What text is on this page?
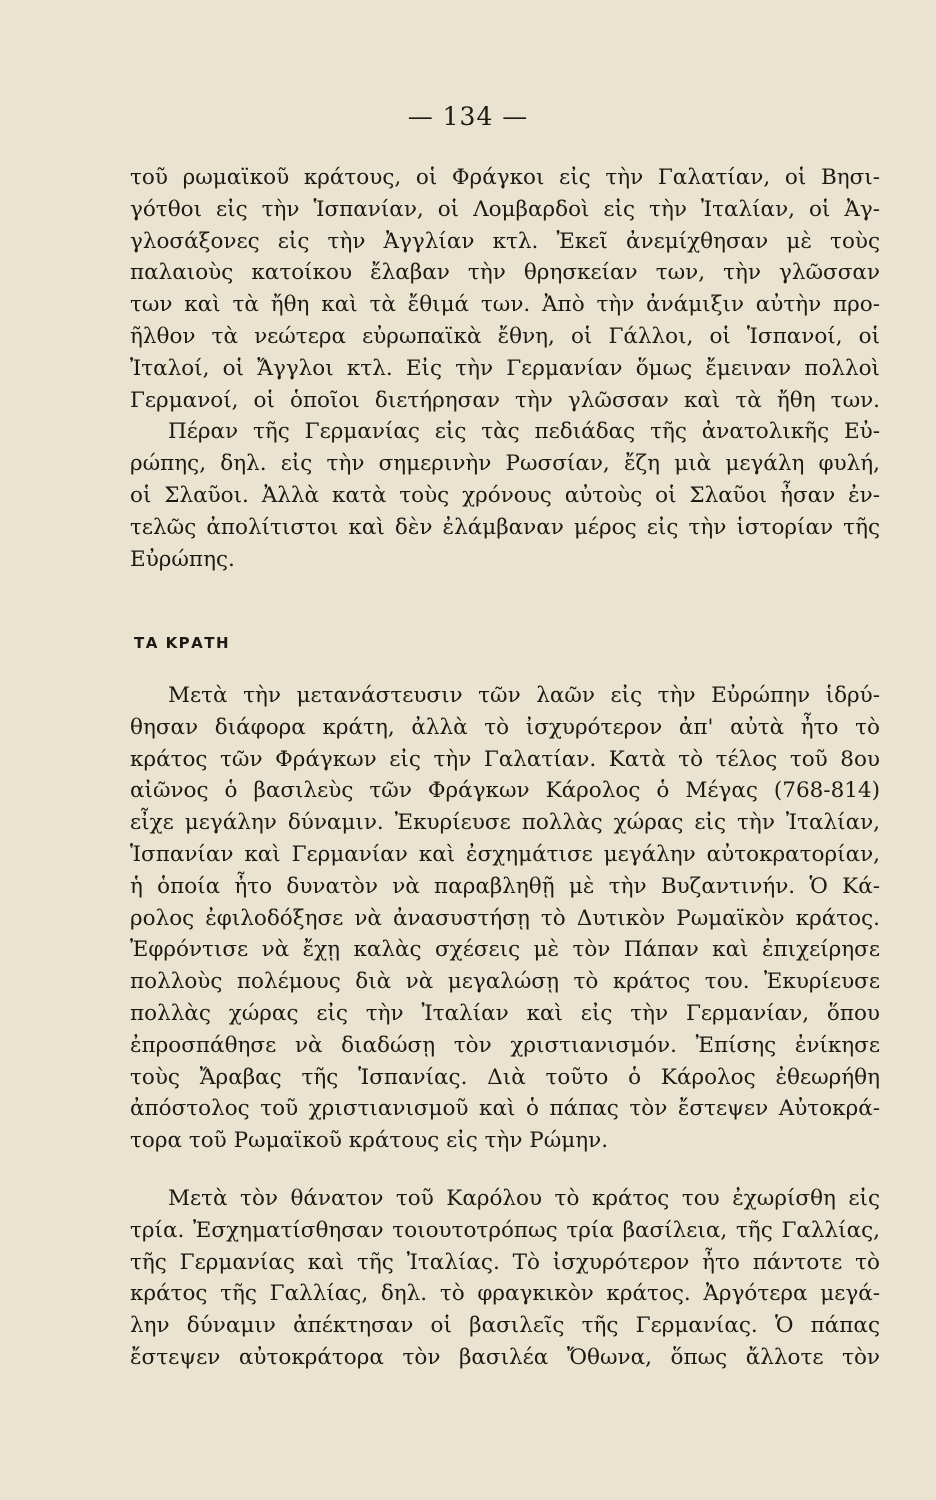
— 134 —

τοῦ ρωμαϊκοῦ κράτους, οἱ Φράγκοι εἰς τὴν Γαλατίαν, οἱ Βησι-
γότθοι εἰς τὴν Ἱσπανίαν, οἱ Λομβαρδοὶ εἰς τὴν Ἰταλίαν, οἱ Ἀγ-
γλοσάξονες εἰς τὴν Ἀγγλίαν κτλ. Ἐκεῖ ἀνεμίχθησαν μὲ τοὺς
παλαιοὺς κατοίκου ἔλαβαν τὴν θρησκείαν των, τὴν γλῶσσαν
των καὶ τὰ ἤθη καὶ τὰ ἔθιμά των. Ἀπὸ τὴν ἀνάμιξιν αὐτὴν προ-
ῆλθον τὰ νεώτερα εὐρωπαϊκὰ ἔθνη, οἱ Γάλλοι, οἱ Ἱσπανοί, οἱ
Ἰταλοί, οἱ Ἄγγλοι κτλ. Εἰς τὴν Γερμανίαν ὅμως ἔμειναν πολλοὶ
Γερμανοί, οἱ ὁποῖοι διετήρησαν τὴν γλῶσσαν καὶ τὰ ἤθη των.
Πέραν τῆς Γερμανίας εἰς τὰς πεδιάδας τῆς ἀνατολικῆς Εὐ-
ρώπης, δηλ. εἰς τὴν σημερινὴν Ρωσσίαν, ἔζη μιὰ μεγάλη φυλή,
οἱ Σλαῦοι. Ἀλλὰ κατὰ τοὺς χρόνους αὐτοὺς οἱ Σλαῦοι ἦσαν ἐν-
τελῶς ἀπολίτιστοι καὶ δὲν ἐλάμβαναν μέρος εἰς τὴν ἱστορίαν τῆς
Εὐρώπης.

ΤΑ ΚΡΑΤΗ

Μετὰ τὴν μετανάστευσιν τῶν λαῶν εἰς τὴν Εὐρώπην ἱδρύ-
θησαν διάφορα κράτη, ἀλλὰ τὸ ἰσχυρότερον ἀπ' αὐτὰ ἦτο τὸ
κράτος τῶν Φράγκων εἰς τὴν Γαλατίαν. Κατὰ τὸ τέλος τοῦ 8ου
αἰῶνος ὁ βασιλεὺς τῶν Φράγκων Κάρολος ὁ Μέγας (768-814)
εἶχε μεγάλην δύναμιν. Ἐκυρίευσε πολλὰς χώρας εἰς τὴν Ἰταλίαν,
Ἱσπανίαν καὶ Γερμανίαν καὶ ἐσχημάτισε μεγάλην αὐτοκρατορίαν,
ἡ ὁποία ἦτο δυνατὸν νὰ παραβληθῇ μὲ τὴν Βυζαντινήν. Ὁ Κά-
ρολος ἐφιλοδόξησε νὰ ἀνασυστήσῃ τὸ Δυτικὸν Ρωμαϊκὸν κράτος.
Ἐφρόντισε νὰ ἔχῃ καλὰς σχέσεις μὲ τὸν Πάπαν καὶ ἐπιχείρησε
πολλοὺς πολέμους διὰ νὰ μεγαλώσῃ τὸ κράτος του. Ἐκυρίευσε
πολλὰς χώρας εἰς τὴν Ἰταλίαν καὶ εἰς τὴν Γερμανίαν, ὅπου
ἐπροσπάθησε νὰ διαδώσῃ τὸν χριστιανισμόν. Ἐπίσης ἐνίκησε
τοὺς Ἄραβας τῆς Ἱσπανίας. Διὰ τοῦτο ὁ Κάρολος ἐθεωρήθη
ἀπόστολος τοῦ χριστιανισμοῦ καὶ ὁ πάπας τὸν ἔστεψεν Αὐτοκρά-
τορα τοῦ Ρωμαϊκοῦ κράτους εἰς τὴν Ρώμην.

Μετὰ τὸν θάνατον τοῦ Καρόλου τὸ κράτος του ἐχωρίσθη εἰς
τρία. Ἐσχηματίσθησαν τοιουτοτρόπως τρία βασίλεια, τῆς Γαλλίας,
τῆς Γερμανίας καὶ τῆς Ἰταλίας. Τὸ ἰσχυρότερον ἦτο πάντοτε τὸ
κράτος τῆς Γαλλίας, δηλ. τὸ φραγκικὸν κράτος. Ἀργότερα μεγά-
λην δύναμιν ἀπέκτησαν οἱ βασιλεῖς τῆς Γερμανίας. Ὁ πάπας
ἔστεψεν αὐτοκράτορα τὸν βασιλέα Ὄθωνα, ὅπως ἄλλοτε τὸν
